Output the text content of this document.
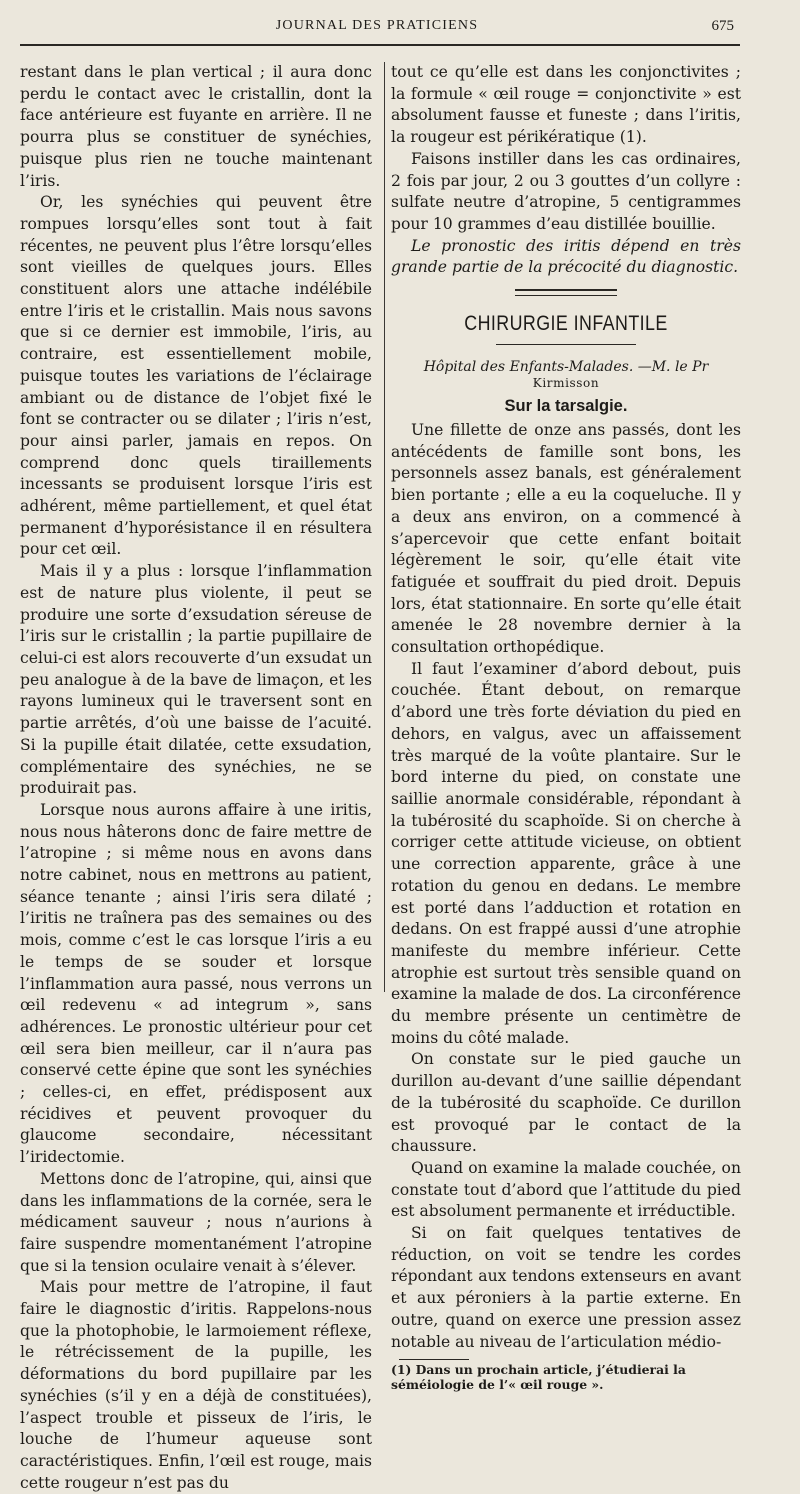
JOURNAL DES PRATICIENS	675

restant dans le plan vertical ; il aura donc perdu le contact avec le cristallin, dont la face antérieure est fuyante en arrière. Il ne pourra plus se constituer de synéchies, puisque plus rien ne touche maintenant l’iris.

Or, les synéchies qui peuvent être rompues lorsqu’elles sont tout à fait récentes, ne peuvent plus l’être lorsqu’elles sont vieilles de quelques jours. Elles constituent alors une attache indélébile entre l’iris et le cristallin. Mais nous savons que si ce dernier est immobile, l’iris, au contraire, est essentiellement mobile, puisque toutes les variations de l’éclairage ambiant ou de distance de l’objet fixé le font se contracter ou se dilater ; l’iris n’est, pour ainsi parler, jamais en repos. On comprend donc quels tiraillements incessants se produisent lorsque l’iris est adhérent, même partiellement, et quel état permanent d’hyporésistance il en résultera pour cet œil.

Mais il y a plus : lorsque l’inflammation est de nature plus violente, il peut se produire une sorte d’exsudation séreuse de l’iris sur le cristallin ; la partie pupillaire de celui-ci est alors recouverte d’un exsudat un peu analogue à de la bave de limaçon, et les rayons lumineux qui le traversent sont en partie arrêtés, d’où une baisse de l’acuité. Si la pupille était dilatée, cette exsudation, complémentaire des synéchies, ne se produirait pas.

Lorsque nous aurons affaire à une iritis, nous nous hâterons donc de faire mettre de l’atropine ; si même nous en avons dans notre cabinet, nous en mettrons au patient, séance tenante ; ainsi l’iris sera dilaté ; l’iritis ne traînera pas des semaines ou des mois, comme c’est le cas lorsque l’iris a eu le temps de se souder et lorsque l’inflammation aura passé, nous verrons un œil redevenu « ad integrum », sans adhérences. Le pronostic ultérieur pour cet œil sera bien meilleur, car il n’aura pas conservé cette épine que sont les synéchies ; celles-ci, en effet, prédisposent aux récidives et peuvent provoquer du glaucome secondaire, nécessitant l’iridectomie.

Mettons donc de l’atropine, qui, ainsi que dans les inflammations de la cornée, sera le médicament sauveur ; nous n’aurions à faire suspendre momentanément l’atropine que si la tension oculaire venait à s’élever.

Mais pour mettre de l’atropine, il faut faire le diagnostic d’iritis. Rappelons-nous que la photophobie, le larmoiement réflexe, le rétrécissement de la pupille, les déformations du bord pupillaire par les synéchies (s’il y en a déjà de constituées), l’aspect trouble et pisseux de l’iris, le louche de l’humeur aqueuse sont caractéristiques. Enfin, l’œil est rouge, mais cette rougeur n’est pas du

tout ce qu’elle est dans les conjonctivites ; la formule « œil rouge = conjonctivite » est absolument fausse et funeste ; dans l’iritis, la rougeur est périkératique (1).

Faisons instiller dans les cas ordinaires, 2 fois par jour, 2 ou 3 gouttes d’un collyre : sulfate neutre d’atropine, 5 centigrammes pour 10 grammes d’eau distillée bouillie.

Le pronostic des iritis dépend en très grande partie de la précocité du diagnostic.

CHIRURGIE INFANTILE

Hôpital des Enfants-Malades. —M. le Pr Kirmisson

Sur la tarsalgie.

Une fillette de onze ans passés, dont les antécédents de famille sont bons, les personnels assez banals, est généralement bien portante ; elle a eu la coqueluche. Il y a deux ans environ, on a commencé à s’apercevoir que cette enfant boitait légèrement le soir, qu’elle était vite fatiguée et souffrait du pied droit. Depuis lors, état stationnaire. En sorte qu’elle était amenée le 28 novembre dernier à la consultation orthopédique.

Il faut l’examiner d’abord debout, puis couchée. Étant debout, on remarque d’abord une très forte déviation du pied en dehors, en valgus, avec un affaissement très marqué de la voûte plantaire. Sur le bord interne du pied, on constate une saillie anormale considérable, répondant à la tubérosité du scaphoïde. Si on cherche à corriger cette attitude vicieuse, on obtient une correction apparente, grâce à une rotation du genou en dedans. Le membre est porté dans l’adduction et rotation en dedans. On est frappé aussi d’une atrophie manifeste du membre inférieur. Cette atrophie est surtout très sensible quand on examine la malade de dos. La circonférence du membre présente un centimètre de moins du côté malade.

On constate sur le pied gauche un durillon au-devant d’une saillie dépendant de la tubérosité du scaphoïde. Ce durillon est provoqué par le contact de la chaussure.

Quand on examine la malade couchée, on constate tout d’abord que l’attitude du pied est absolument permanente et irréductible.

Si on fait quelques tentatives de réduction, on voit se tendre les cordes répondant aux tendons extenseurs en avant et aux péroniers à la partie externe. En outre, quand on exerce une pression assez notable au niveau de l’articulation médio-

(1) Dans un prochain article, j’étudierai la séméiologie de l’« œil rouge ».
